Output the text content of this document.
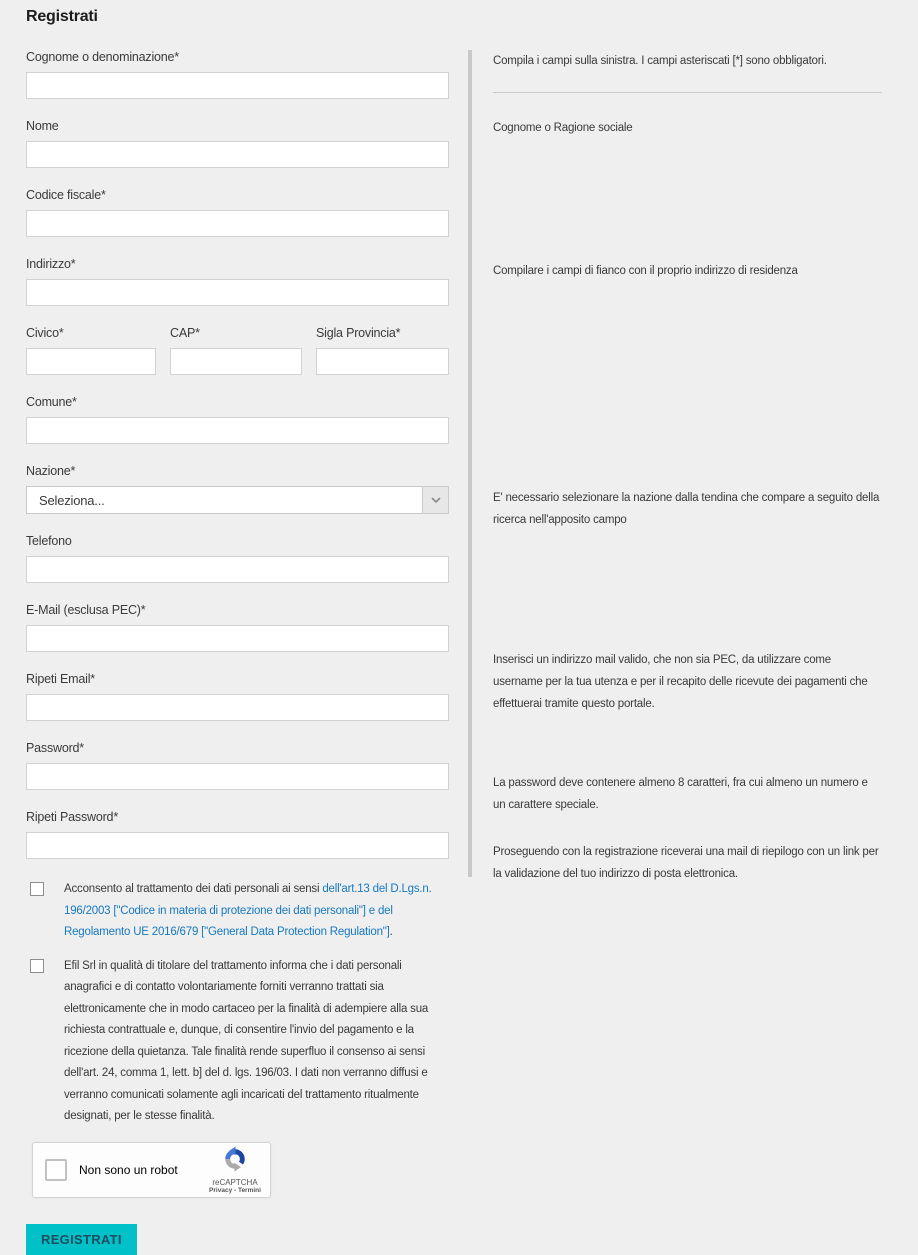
Registrati
Cognome o denominazione*
Nome
Codice fiscale*
Indirizzo*
Civico*	CAP*	Sigla Provincia*
Comune*
Nazione*
Seleziona...
Telefono
E-Mail (esclusa PEC)*
Ripeti Email*
Password*
Ripeti Password*

Acconsento al trattamento dei dati personali ai sensi dell'art.13 del D.Lgs.n. 196/2003 ["Codice in materia di protezione dei dati personali"] e del Regolamento UE 2016/679 ["General Data Protection Regulation"].

Efil Srl in qualità di titolare del trattamento informa che i dati personali anagrafici e di contatto volontariamente forniti verranno trattati sia elettronicamente che in modo cartaceo per la finalità di adempiere alla sua richiesta contrattuale e, dunque, di consentire l'invio del pagamento e la ricezione della quietanza. Tale finalità rende superfluo il consenso ai sensi dell'art. 24, comma 1, lett. b] del d. lgs. 196/03. I dati non verranno diffusi e verranno comunicati solamente agli incaricati del trattamento ritualmente designati, per le stesse finalità.

Non sono un robot
reCAPTCHA
Privacy - Termini
REGISTRATI

Compila i campi sulla sinistra. I campi asteriscati [*] sono obbligatori.

Cognome o Ragione sociale

Compilare i campi di fianco con il proprio indirizzo di residenza

E' necessario selezionare la nazione dalla tendina che compare a seguito della ricerca nell'apposito campo

Inserisci un indirizzo mail valido, che non sia PEC, da utilizzare come username per la tua utenza e per il recapito delle ricevute dei pagamenti che effettuerai tramite questo portale.

La password deve contenere almeno 8 caratteri, fra cui almeno un numero e un carattere speciale.

Proseguendo con la registrazione riceverai una mail di riepilogo con un link per la validazione del tuo indirizzo di posta elettronica.
